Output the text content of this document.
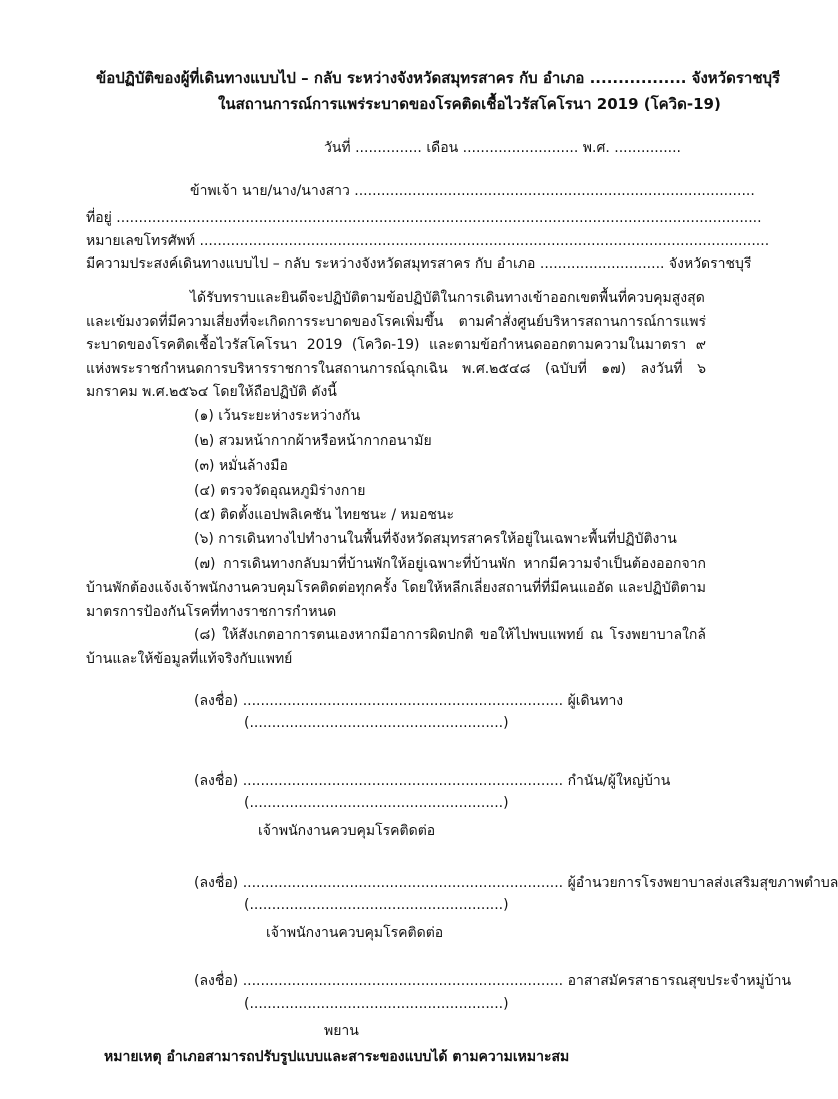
ข้อปฏิบัติของผู้ที่เดินทางแบบไป – กลับ ระหว่างจังหวัดสมุทรสาคร กับ อำเภอ ................. จังหวัดราชบุรี
ในสถานการณ์การแพร่ระบาดของโรคติดเชื้อไวรัสโคโรนา 2019 (โควิด-19)
วันที่ ............... เดือน .......................... พ.ศ. ...............
ข้าพเจ้า นาย/นาง/นางสาว ..........................................................................................
ที่อยู่ .................................................................................................................................................
หมายเลขโทรศัพท์ ................................................................................................................................
มีความประสงค์เดินทางแบบไป – กลับ ระหว่างจังหวัดสมุทรสาคร กับ อำเภอ ............................ จังหวัดราชบุรี

ได้รับทราบและยินดีจะปฏิบัติตามข้อปฏิบัติในการเดินทางเข้าออกเขตพื้นที่ควบคุมสูงสุดและเข้มงวดที่มีความเสี่ยงที่จะเกิดการระบาดของโรคเพิ่มขึ้น ตามคำสั่งศูนย์บริหารสถานการณ์การแพร่ระบาดของโรคติดเชื้อไวรัสโคโรนา 2019 (โควิด-19) และตามข้อกำหนดออกตามความในมาตรา ๙ แห่งพระราชกำหนดการบริหารราชการในสถานการณ์ฉุกเฉิน พ.ศ.๒๕๔๘ (ฉบับที่ ๑๗) ลงวันที่ ๖ มกราคม พ.ศ.๒๕๖๔ โดยให้ถือปฏิบัติ ดังนี้

(๑) เว้นระยะห่างระหว่างกัน
(๒) สวมหน้ากากผ้าหรือหน้ากากอนามัย
(๓) หมั่นล้างมือ
(๔) ตรวจวัดอุณหภูมิร่างกาย
(๕) ติดตั้งแอปพลิเคชัน ไทยชนะ / หมอชนะ
(๖) การเดินทางไปทำงานในพื้นที่จังหวัดสมุทรสาครให้อยู่ในเฉพาะพื้นที่ปฏิบัติงาน

(๗) การเดินทางกลับมาที่บ้านพักให้อยู่เฉพาะที่บ้านพัก หากมีความจำเป็นต้องออกจากบ้านพักต้องแจ้งเจ้าพนักงานควบคุมโรคติดต่อทุกครั้ง โดยให้หลีกเลี่ยงสถานที่ที่มีคนแออัด และปฏิบัติตามมาตรการป้องกันโรคที่ทางราชการกำหนด

(๘) ให้สังเกตอาการตนเองหากมีอาการผิดปกติ ขอให้ไปพบแพทย์ ณ โรงพยาบาลใกล้บ้านและให้ข้อมูลที่แท้จริงกับแพทย์

(ลงชื่อ) ........................................................................ ผู้เดินทาง
(.........................................................)
(ลงชื่อ) ........................................................................ กำนัน/ผู้ใหญ่บ้าน
(.........................................................)
เจ้าพนักงานควบคุมโรคติดต่อ
(ลงชื่อ) ........................................................................ ผู้อำนวยการโรงพยาบาลส่งเสริมสุขภาพตำบล
(.........................................................)
เจ้าพนักงานควบคุมโรคติดต่อ
(ลงชื่อ) ........................................................................ อาสาสมัครสาธารณสุขประจำหมู่บ้าน
(.........................................................)
พยาน
หมายเหตุ อำเภอสามารถปรับรูปแบบและสาระของแบบได้ ตามความเหมาะสม
